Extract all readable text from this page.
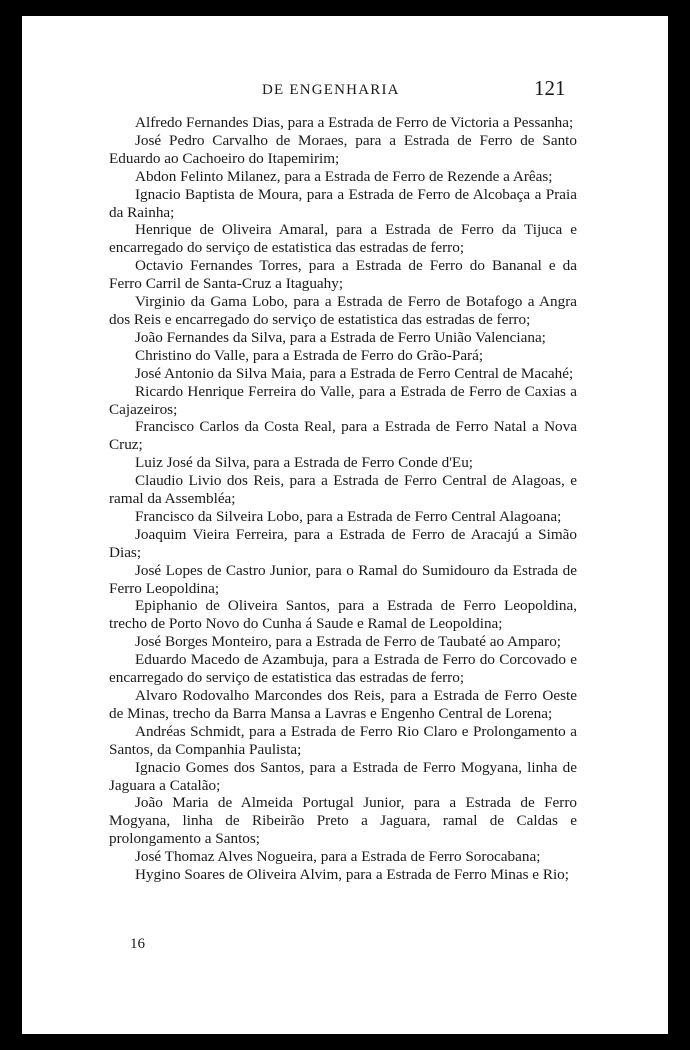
DE ENGENHARIA	121
Alfredo Fernandes Dias, para a Estrada de Ferro de Victoria a Pessanha;
José Pedro Carvalho de Moraes, para a Estrada de Ferro de Santo Eduardo ao Cachoeiro do Itapemirim;
Abdon Felinto Milanez, para a Estrada de Ferro de Rezende a Arêas;
Ignacio Baptista de Moura, para a Estrada de Ferro de Alcobaça a Praia da Rainha;
Henrique de Oliveira Amaral, para a Estrada de Ferro da Tijuca e encarregado do serviço de estatistica das estradas de ferro;
Octavio Fernandes Torres, para a Estrada de Ferro do Bananal e da Ferro Carril de Santa-Cruz a Itaguahy;
Virginio da Gama Lobo, para a Estrada de Ferro de Botafogo a Angra dos Reis e encarregado do serviço de estatistica das estradas de ferro;
João Fernandes da Silva, para a Estrada de Ferro União Valenciana;
Christino do Valle, para a Estrada de Ferro do Grão-Pará;
José Antonio da Silva Maia, para a Estrada de Ferro Central de Macahé;
Ricardo Henrique Ferreira do Valle, para a Estrada de Ferro de Caxias a Cajazeiros;
Francisco Carlos da Costa Real, para a Estrada de Ferro Natal a Nova Cruz;
Luiz José da Silva, para a Estrada de Ferro Conde d'Eu;
Claudio Livio dos Reis, para a Estrada de Ferro Central de Alagoas, e ramal da Assembléa;
Francisco da Silveira Lobo, para a Estrada de Ferro Central Alagoana;
Joaquim Vieira Ferreira, para a Estrada de Ferro de Aracajú a Simão Dias;
José Lopes de Castro Junior, para o Ramal do Sumidouro da Estrada de Ferro Leopoldina;
Epiphanio de Oliveira Santos, para a Estrada de Ferro Leopoldina, trecho de Porto Novo do Cunha á Saude e Ramal de Leopoldina;
José Borges Monteiro, para a Estrada de Ferro de Taubaté ao Amparo;
Eduardo Macedo de Azambuja, para a Estrada de Ferro do Corcovado e encarregado do serviço de estatistica das estradas de ferro;
Alvaro Rodovalho Marcondes dos Reis, para a Estrada de Ferro Oeste de Minas, trecho da Barra Mansa a Lavras e Engenho Central de Lorena;
Andréas Schmidt, para a Estrada de Ferro Rio Claro e Prolongamento a Santos, da Companhia Paulista;
Ignacio Gomes dos Santos, para a Estrada de Ferro Mogyana, linha de Jaguara a Catalão;
João Maria de Almeida Portugal Junior, para a Estrada de Ferro Mogyana, linha de Ribeirão Preto a Jaguara, ramal de Caldas e prolongamento a Santos;
José Thomaz Alves Nogueira, para a Estrada de Ferro Sorocabana;
Hygino Soares de Oliveira Alvim, para a Estrada de Ferro Minas e Rio;
16
